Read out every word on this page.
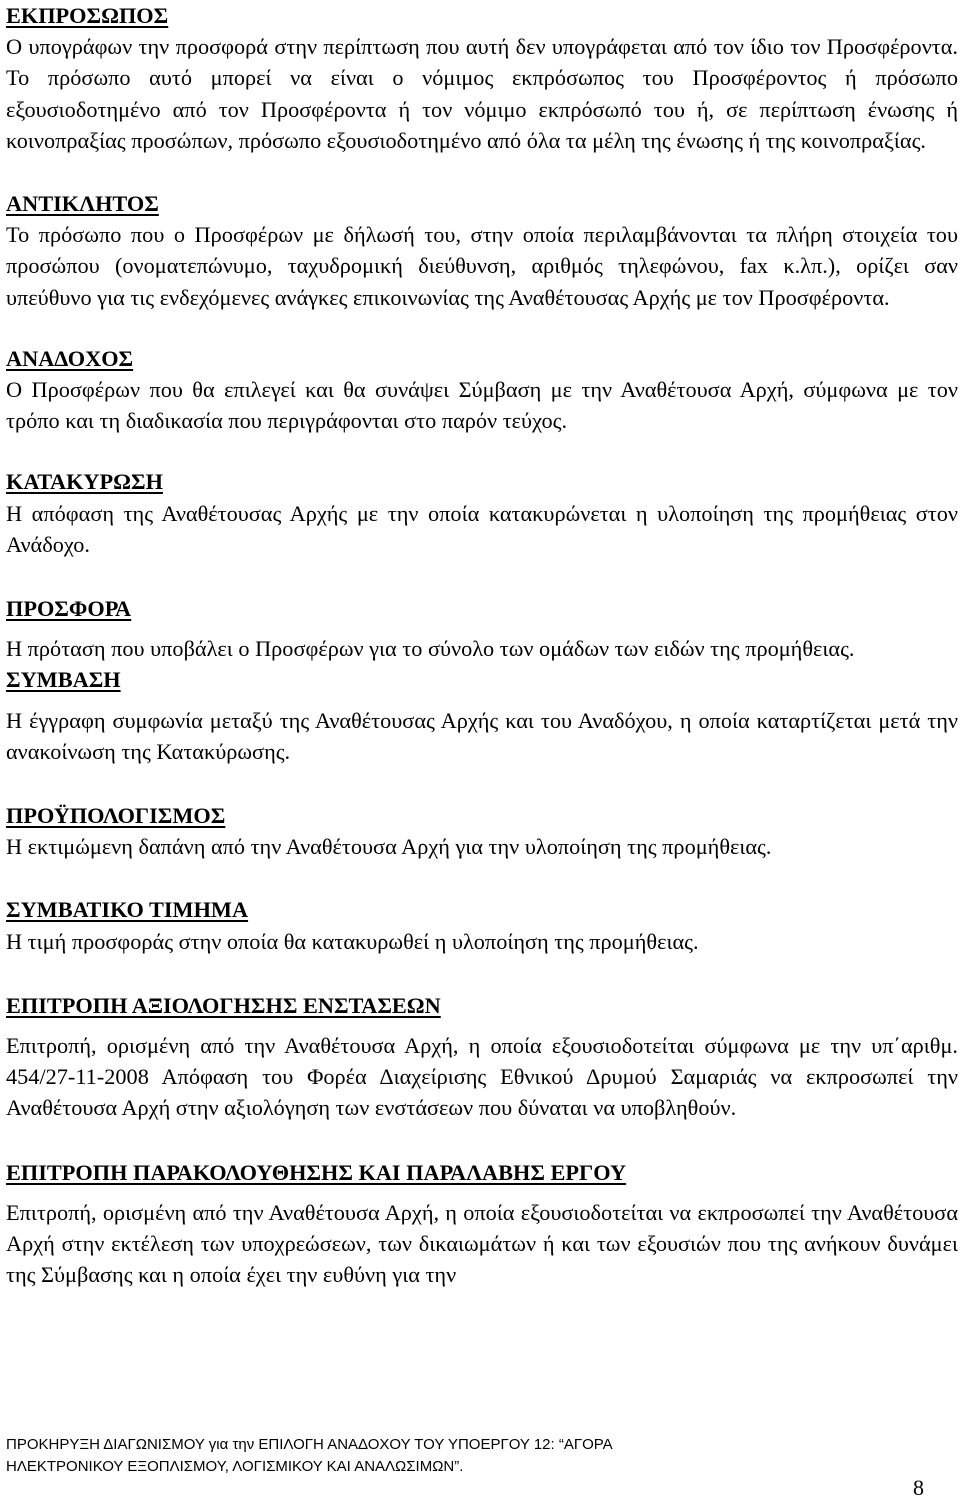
ΕΚΠΡΟΣΩΠΟΣ

Ο υπογράφων την προσφορά στην περίπτωση που αυτή δεν υπογράφεται από τον ίδιο τον Προσφέροντα. Το πρόσωπο αυτό μπορεί να είναι ο νόμιμος εκπρόσωπος του Προσφέροντος ή πρόσωπο εξουσιοδοτημένο από τον Προσφέροντα ή τον νόμιμο εκπρόσωπό του ή, σε περίπτωση ένωσης ή κοινοπραξίας προσώπων, πρόσωπο εξουσιοδοτημένο από όλα τα μέλη της ένωσης ή της κοινοπραξίας.

ΑΝΤΙΚΛΗΤΟΣ

Το πρόσωπο που ο Προσφέρων με δήλωσή του, στην οποία περιλαμβάνονται τα πλήρη στοιχεία του προσώπου (ονοματεπώνυμο, ταχυδρομική διεύθυνση, αριθμός τηλεφώνου, fax κ.λπ.), ορίζει σαν υπεύθυνο για τις ενδεχόμενες ανάγκες επικοινωνίας της Αναθέτουσας Αρχής με τον Προσφέροντα.

ΑΝΑΔΟΧΟΣ

Ο Προσφέρων που θα επιλεγεί και θα συνάψει Σύμβαση με την Αναθέτουσα Αρχή, σύμφωνα με τον τρόπο και τη διαδικασία που περιγράφονται στο παρόν τεύχος.

ΚΑΤΑΚΥΡΩΣΗ

Η απόφαση της Αναθέτουσας Αρχής με την οποία κατακυρώνεται η υλοποίηση της προμήθειας στον Ανάδοχο.

ΠΡΟΣΦΟΡΑ

Η πρόταση που υποβάλει ο Προσφέρων για το σύνολο των ομάδων των ειδών της προμήθειας.

ΣΥΜΒΑΣΗ

Η έγγραφη συμφωνία μεταξύ της Αναθέτουσας Αρχής και του Αναδόχου, η οποία καταρτίζεται μετά την ανακοίνωση της Κατακύρωσης.

ΠΡΟΫΠΟΛΟΓΙΣΜΟΣ

Η εκτιμώμενη δαπάνη από την Αναθέτουσα Αρχή για την υλοποίηση της προμήθειας.

ΣΥΜΒΑΤΙΚΟ ΤΙΜΗΜΑ

Η τιμή προσφοράς στην οποία θα κατακυρωθεί η υλοποίηση της προμήθειας.

ΕΠΙΤΡΟΠΗ ΑΞΙΟΛΟΓΗΣΗΣ ΕΝΣΤΑΣΕΩΝ

Επιτροπή, ορισμένη από την Αναθέτουσα Αρχή, η οποία εξουσιοδοτείται σύμφωνα με την υπ΄αριθμ. 454/27-11-2008 Απόφαση του Φορέα Διαχείρισης Εθνικού Δρυμού Σαμαριάς να εκπροσωπεί την Αναθέτουσα Αρχή στην αξιολόγηση των ενστάσεων που δύναται να υποβληθούν.

ΕΠΙΤΡΟΠΗ ΠΑΡΑΚΟΛΟΥΘΗΣΗΣ ΚΑΙ ΠΑΡΑΛΑΒΗΣ ΕΡΓΟΥ

Επιτροπή, ορισμένη από την Αναθέτουσα Αρχή, η οποία εξουσιοδοτείται να εκπροσωπεί την Αναθέτουσα Αρχή στην εκτέλεση των υποχρεώσεων, των δικαιωμάτων ή και των εξουσιών που της ανήκουν δυνάμει της Σύμβασης και η οποία έχει την ευθύνη για την

ΠΡΟΚΗΡΥΞΗ ΔΙΑΓΩΝΙΣΜΟΥ για την ΕΠΙΛΟΓΗ ΑΝΑΔΟΧΟΥ ΤΟΥ ΥΠΟΕΡΓΟΥ 12: “ΑΓΟΡΑ
ΗΛΕΚΤΡΟΝΙΚΟΥ ΕΞΟΠΛΙΣΜΟΥ, ΛΟΓΙΣΜΙΚΟΥ ΚΑΙ ΑΝΑΛΩΣΙΜΩΝ”.
8
